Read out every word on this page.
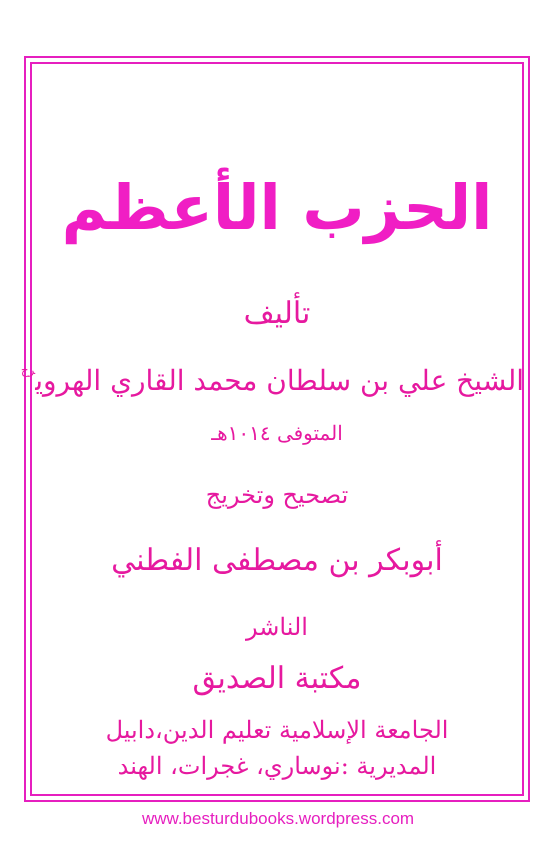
الحزب الأعظم
تأليف
الشيخ علي بن سلطان محمد القاري الهروي$^{رح}$
المتوفی ١٠١٤هـ
تصحيح وتخريج
أبوبكر بن مصطفی الفطني
الناشر
مكتبة الصديق
الجامعة الإسلامية تعليم الدين،دابيل
المديرية :نوساري، غجرات، الهند
www.besturdubooks.wordpress.com
